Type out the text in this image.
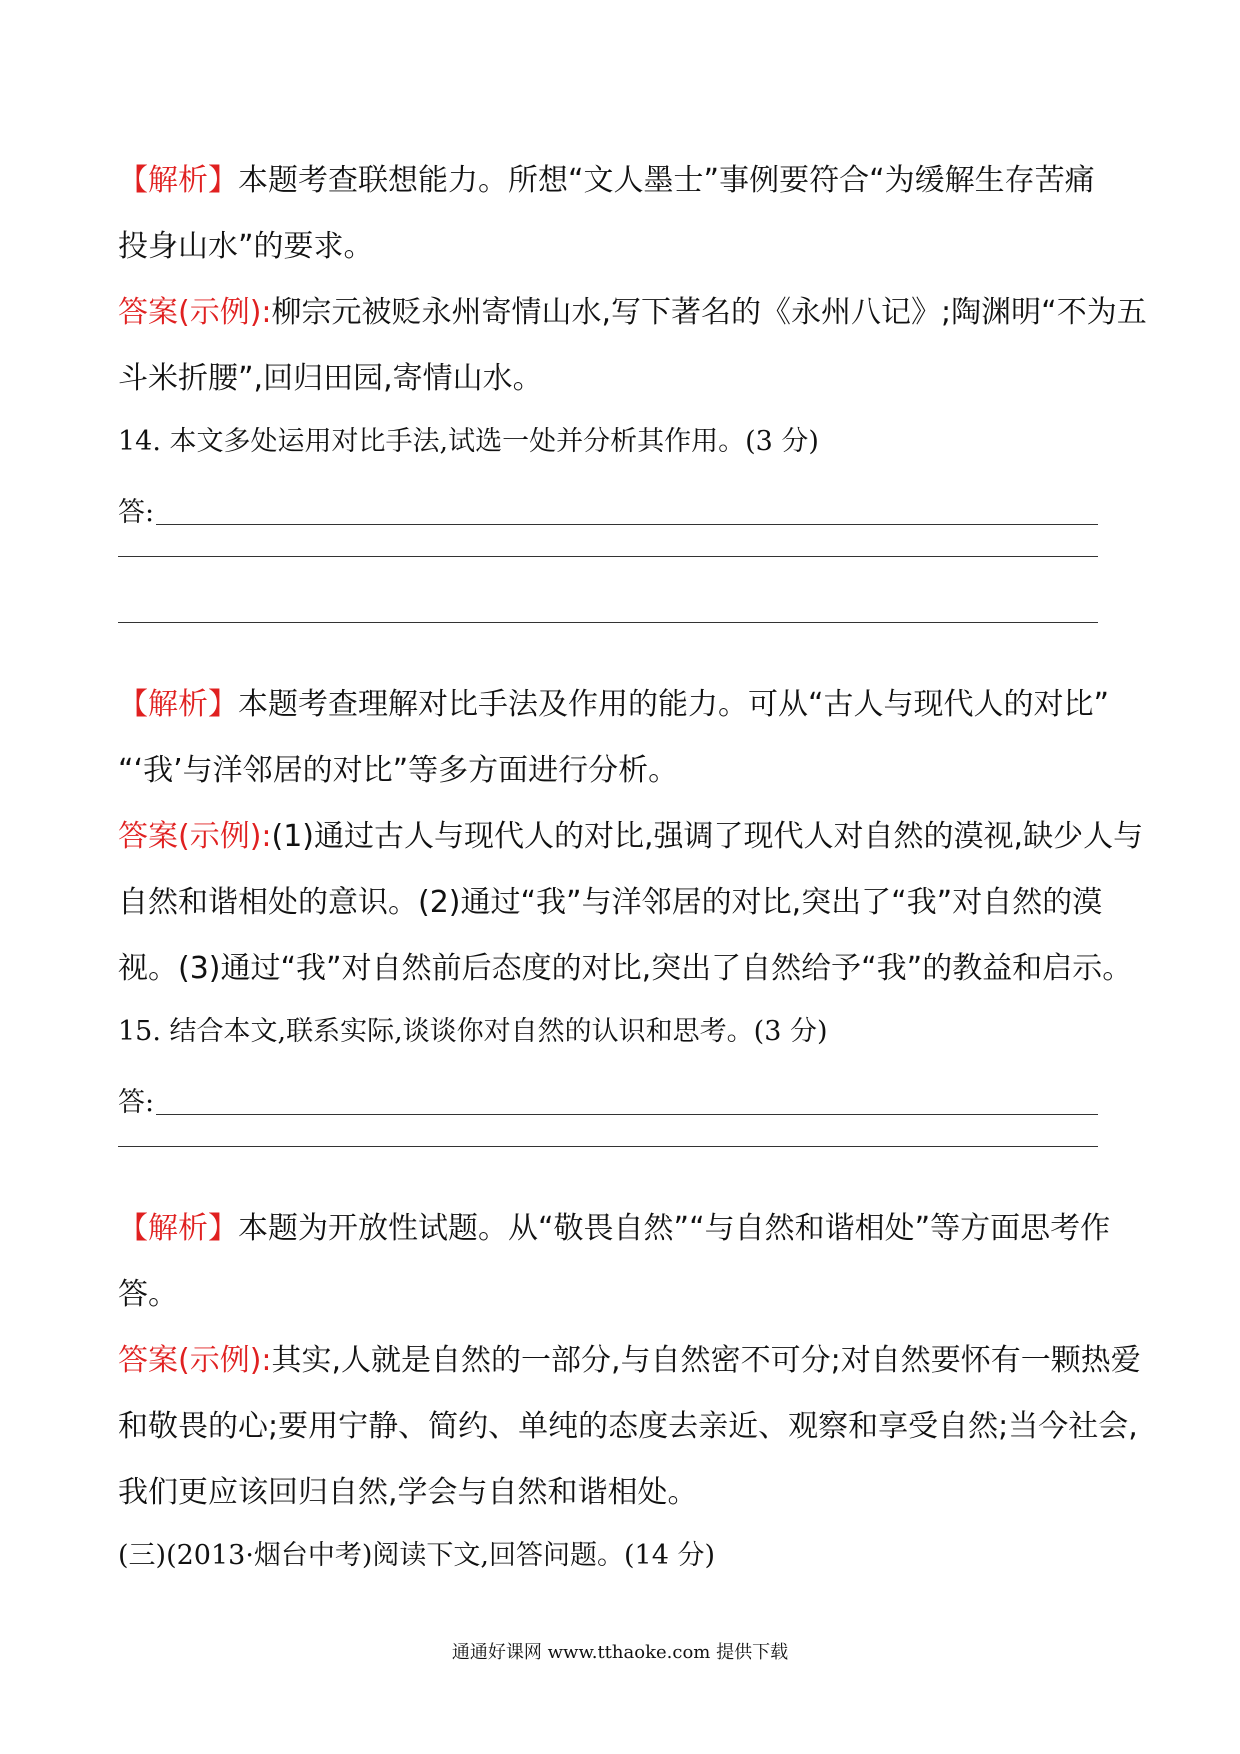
【解析】本题考查联想能力。所想“文人墨士”事例要符合“为缓解生存苦痛
投身山水”的要求。
答案(示例):柳宗元被贬永州寄情山水,写下著名的《永州八记》;陶渊明“不为五
斗米折腰”,回归田园,寄情山水。
14. 本文多处运用对比手法,试选一处并分析其作用。(3 分)
答:
【解析】本题考查理解对比手法及作用的能力。可从“古人与现代人的对比”
“‘我’与洋邻居的对比”等多方面进行分析。
答案(示例):(1)通过古人与现代人的对比,强调了现代人对自然的漠视,缺少人与
自然和谐相处的意识。(2)通过“我”与洋邻居的对比,突出了“我”对自然的漠
视。(3)通过“我”对自然前后态度的对比,突出了自然给予“我”的教益和启示。
15. 结合本文,联系实际,谈谈你对自然的认识和思考。(3 分)
答:
【解析】本题为开放性试题。从“敬畏自然”“与自然和谐相处”等方面思考作
答。
答案(示例):其实,人就是自然的一部分,与自然密不可分;对自然要怀有一颗热爱
和敬畏的心;要用宁静、简约、单纯的态度去亲近、观察和享受自然;当今社会,
我们更应该回归自然,学会与自然和谐相处。
(三)(2013·烟台中考)阅读下文,回答问题。(14 分)
通通好课网 www.tthaoke.com 提供下载
